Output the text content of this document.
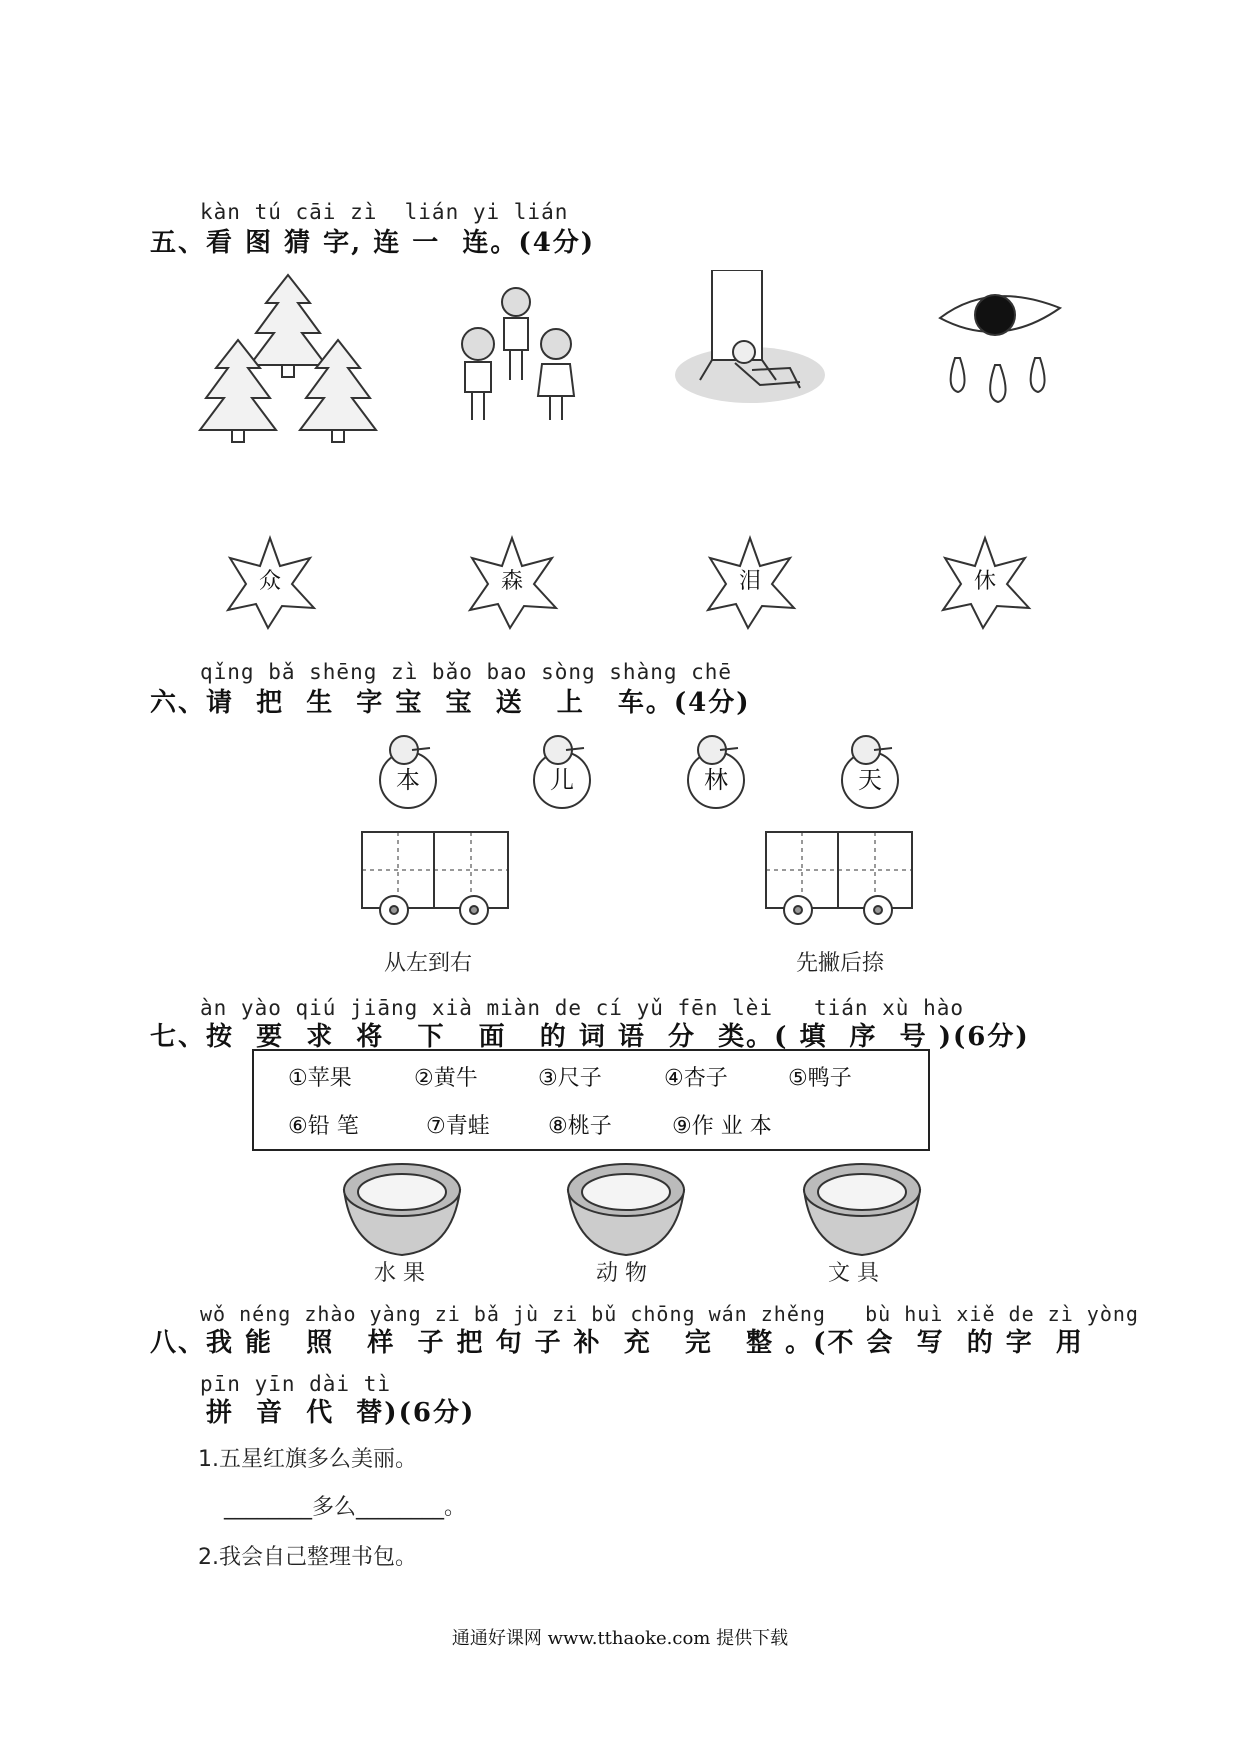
kàn tú cāi zì  lián yi lián
五、看 图 猜 字, 连 一  连。(4分)
众	森	泪	休
qǐng bǎ shēng zì bǎo bao sòng shàng chē
六、请  把  生  字 宝  宝  送   上   车。(4分)
本	儿	林	天
从左到右	先撇后捺
àn yào qiú jiāng xià miàn de cí yǔ fēn lèi   tián xù hào
七、按  要  求  将   下   面   的 词 语  分  类。( 填  序  号 )(6分)
①苹果	②黄牛	③尺子	④杏子	⑤鸭子
⑥铅 笔	⑦青蛙	⑧桃子	⑨作 业 本
水 果	动 物	文 具
wǒ néng zhào yàng zi bǎ jù zi bǔ chōng wán zhěng   bù huì xiě de zì yòng
八、我 能   照   样  子 把 句 子 补  充   完   整 。(不 会  写  的 字  用
pīn yīn dài tì
拼  音  代  替)(6分)
1.五星红旗多么美丽。
________多么________。
2.我会自己整理书包。
通通好课网 www.tthaoke.com 提供下载
